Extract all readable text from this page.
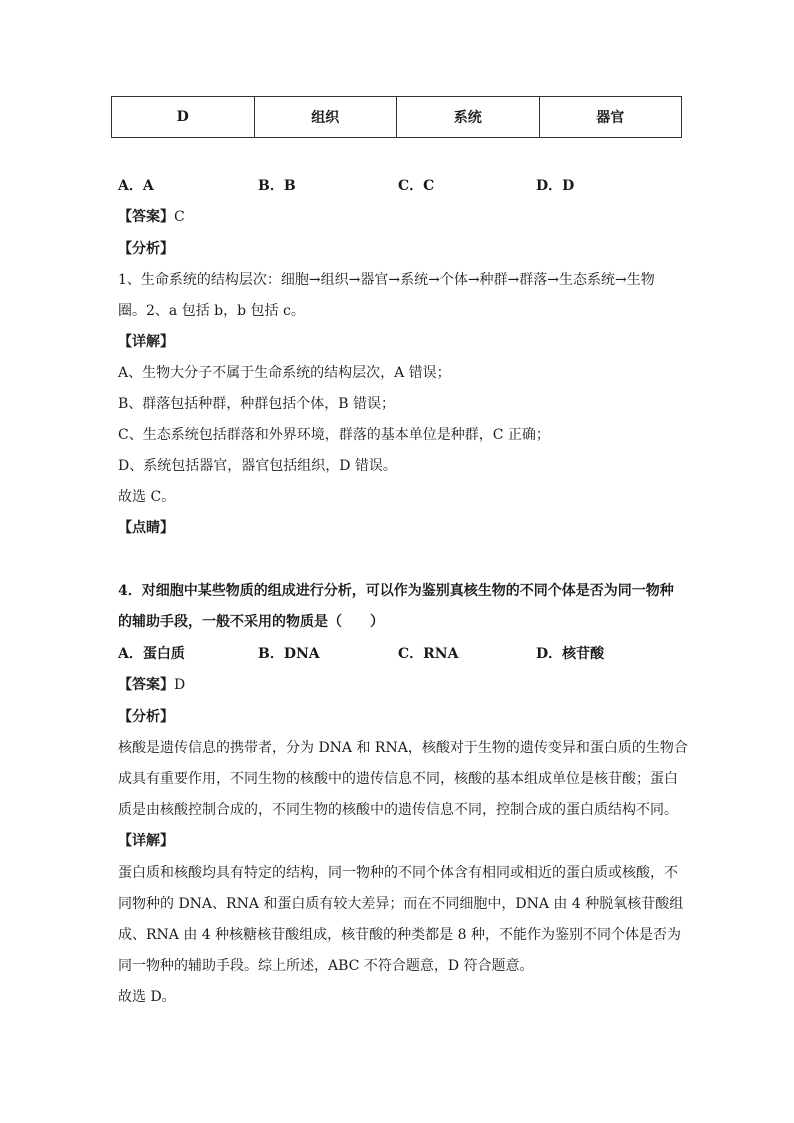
D	组织	系统	器官
A．A	B．B	C．C	D．D
【答案】C
【分析】
1、生命系统的结构层次：细胞→组织→器官→系统→个体→种群→群落→生态系统→生物
圈。2、a 包括 b，b 包括 c。
【详解】
A、生物大分子不属于生命系统的结构层次，A 错误；
B、群落包括种群，种群包括个体，B 错误；
C、生态系统包括群落和外界环境，群落的基本单位是种群，C 正确；
D、系统包括器官，器官包括组织，D 错误。
故选 C。
【点睛】
4．对细胞中某些物质的组成进行分析，可以作为鉴别真核生物的不同个体是否为同一物种
的辅助手段，一般不采用的物质是（　　）
A．蛋白质	B．DNA	C．RNA	D．核苷酸
【答案】D
【分析】
核酸是遗传信息的携带者，分为 DNA 和 RNA，核酸对于生物的遗传变异和蛋白质的生物合
成具有重要作用，不同生物的核酸中的遗传信息不同，核酸的基本组成单位是核苷酸；蛋白
质是由核酸控制合成的，不同生物的核酸中的遗传信息不同，控制合成的蛋白质结构不同。
【详解】
蛋白质和核酸均具有特定的结构，同一物种的不同个体含有相同或相近的蛋白质或核酸，不
同物种的 DNA、RNA 和蛋白质有较大差异；而在不同细胞中，DNA 由 4 种脱氧核苷酸组
成、RNA 由 4 种核糖核苷酸组成，核苷酸的种类都是 8 种，不能作为鉴别不同个体是否为
同一物种的辅助手段。综上所述，ABC 不符合题意，D 符合题意。
故选 D。
